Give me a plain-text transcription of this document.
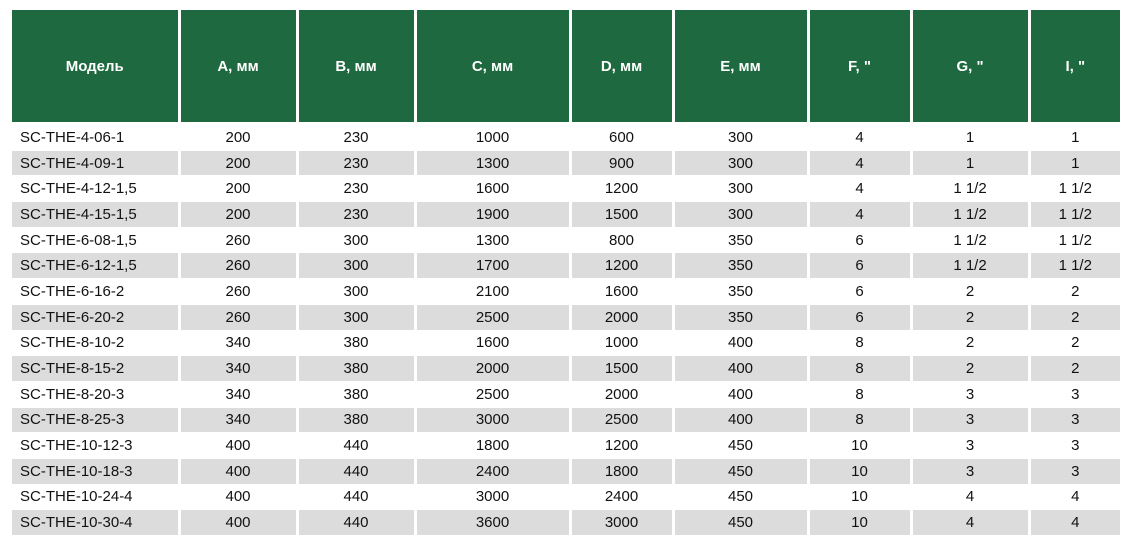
Модель	A, мм	B, мм	C, мм	D, мм	E, мм	F, "	G, "	I, "
SC-THE-4-06-1	200	230	1000	600	300	4	1	1
SC-THE-4-09-1	200	230	1300	900	300	4	1	1
SC-THE-4-12-1,5	200	230	1600	1200	300	4	1 1/2	1 1/2
SC-THE-4-15-1,5	200	230	1900	1500	300	4	1 1/2	1 1/2
SC-THE-6-08-1,5	260	300	1300	800	350	6	1 1/2	1 1/2
SC-THE-6-12-1,5	260	300	1700	1200	350	6	1 1/2	1 1/2
SC-THE-6-16-2	260	300	2100	1600	350	6	2	2
SC-THE-6-20-2	260	300	2500	2000	350	6	2	2
SC-THE-8-10-2	340	380	1600	1000	400	8	2	2
SC-THE-8-15-2	340	380	2000	1500	400	8	2	2
SC-THE-8-20-3	340	380	2500	2000	400	8	3	3
SC-THE-8-25-3	340	380	3000	2500	400	8	3	3
SC-THE-10-12-3	400	440	1800	1200	450	10	3	3
SC-THE-10-18-3	400	440	2400	1800	450	10	3	3
SC-THE-10-24-4	400	440	3000	2400	450	10	4	4
SC-THE-10-30-4	400	440	3600	3000	450	10	4	4
